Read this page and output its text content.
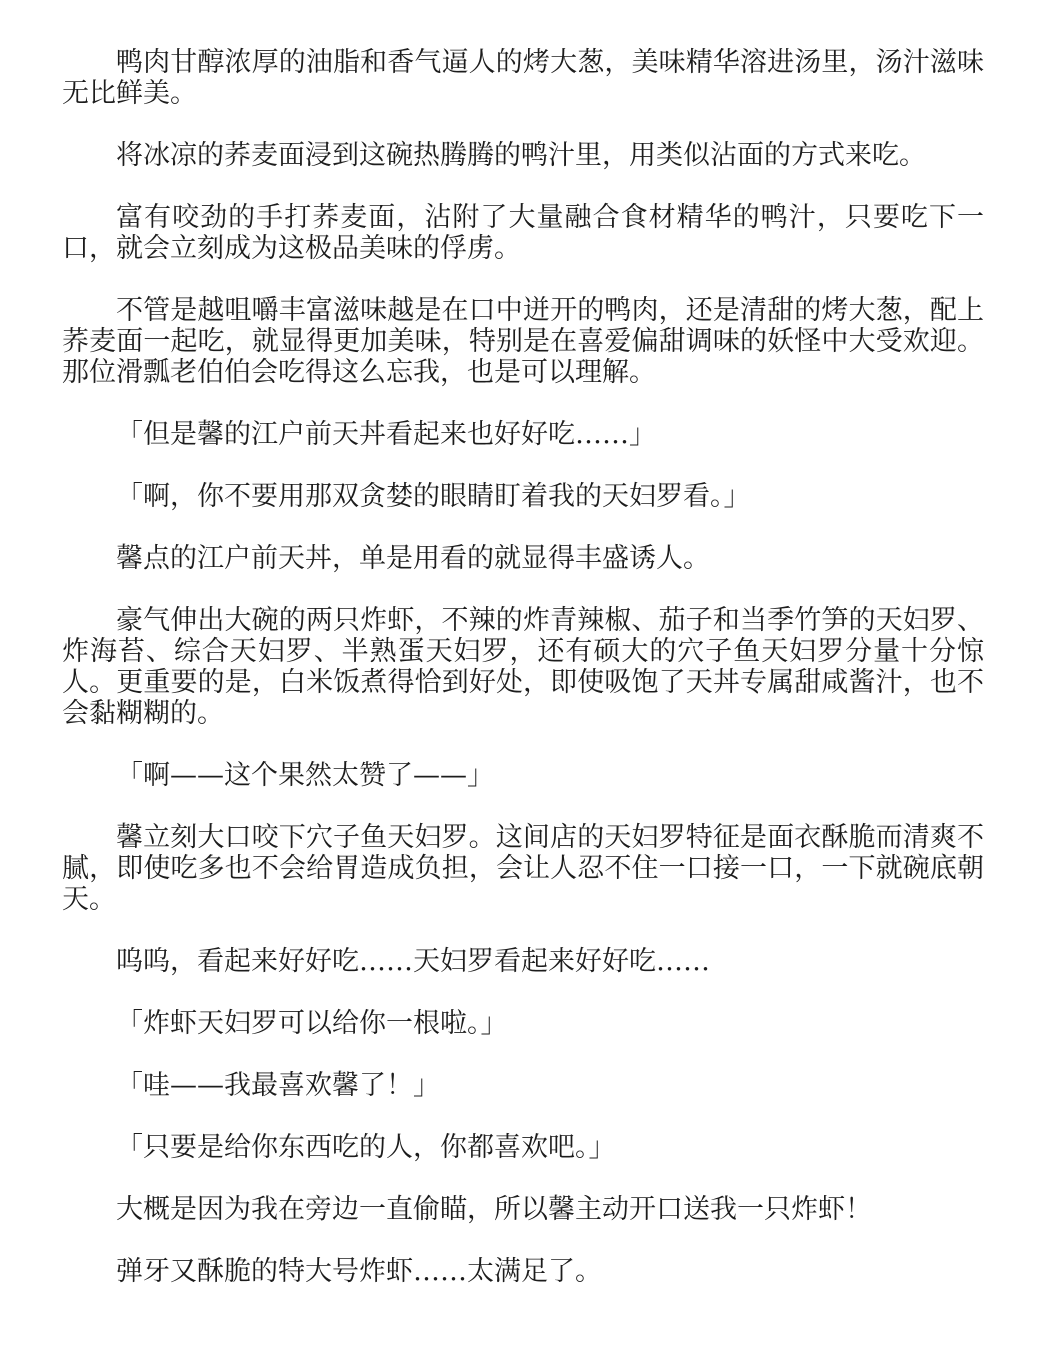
鸭肉甘醇浓厚的油脂和香气逼人的烤大葱，美味精华溶进汤里，汤汁滋味无比鲜美。

将冰凉的荞麦面浸到这碗热腾腾的鸭汁里，用类似沾面的方式来吃。

富有咬劲的手打荞麦面，沾附了大量融合食材精华的鸭汁，只要吃下一口，就会立刻成为这极品美味的俘虏。

不管是越咀嚼丰富滋味越是在口中迸开的鸭肉，还是清甜的烤大葱，配上荞麦面一起吃，就显得更加美味，特别是在喜爱偏甜调味的妖怪中大受欢迎。那位滑瓢老伯伯会吃得这么忘我，也是可以理解。

「但是馨的江户前天丼看起来也好好吃……」

「啊，你不要用那双贪婪的眼睛盯着我的天妇罗看。」

馨点的江户前天丼，单是用看的就显得丰盛诱人。

豪气伸出大碗的两只炸虾，不辣的炸青辣椒、茄子和当季竹笋的天妇罗、炸海苔、综合天妇罗、半熟蛋天妇罗，还有硕大的穴子鱼天妇罗分量十分惊人。更重要的是，白米饭煮得恰到好处，即使吸饱了天丼专属甜咸酱汁，也不会黏糊糊的。

「啊——这个果然太赞了——」

馨立刻大口咬下穴子鱼天妇罗。这间店的天妇罗特征是面衣酥脆而清爽不腻，即使吃多也不会给胃造成负担，会让人忍不住一口接一口，一下就碗底朝天。

呜呜，看起来好好吃……天妇罗看起来好好吃……

「炸虾天妇罗可以给你一根啦。」

「哇——我最喜欢馨了！」

「只要是给你东西吃的人，你都喜欢吧。」

大概是因为我在旁边一直偷瞄，所以馨主动开口送我一只炸虾！

弹牙又酥脆的特大号炸虾……太满足了。
